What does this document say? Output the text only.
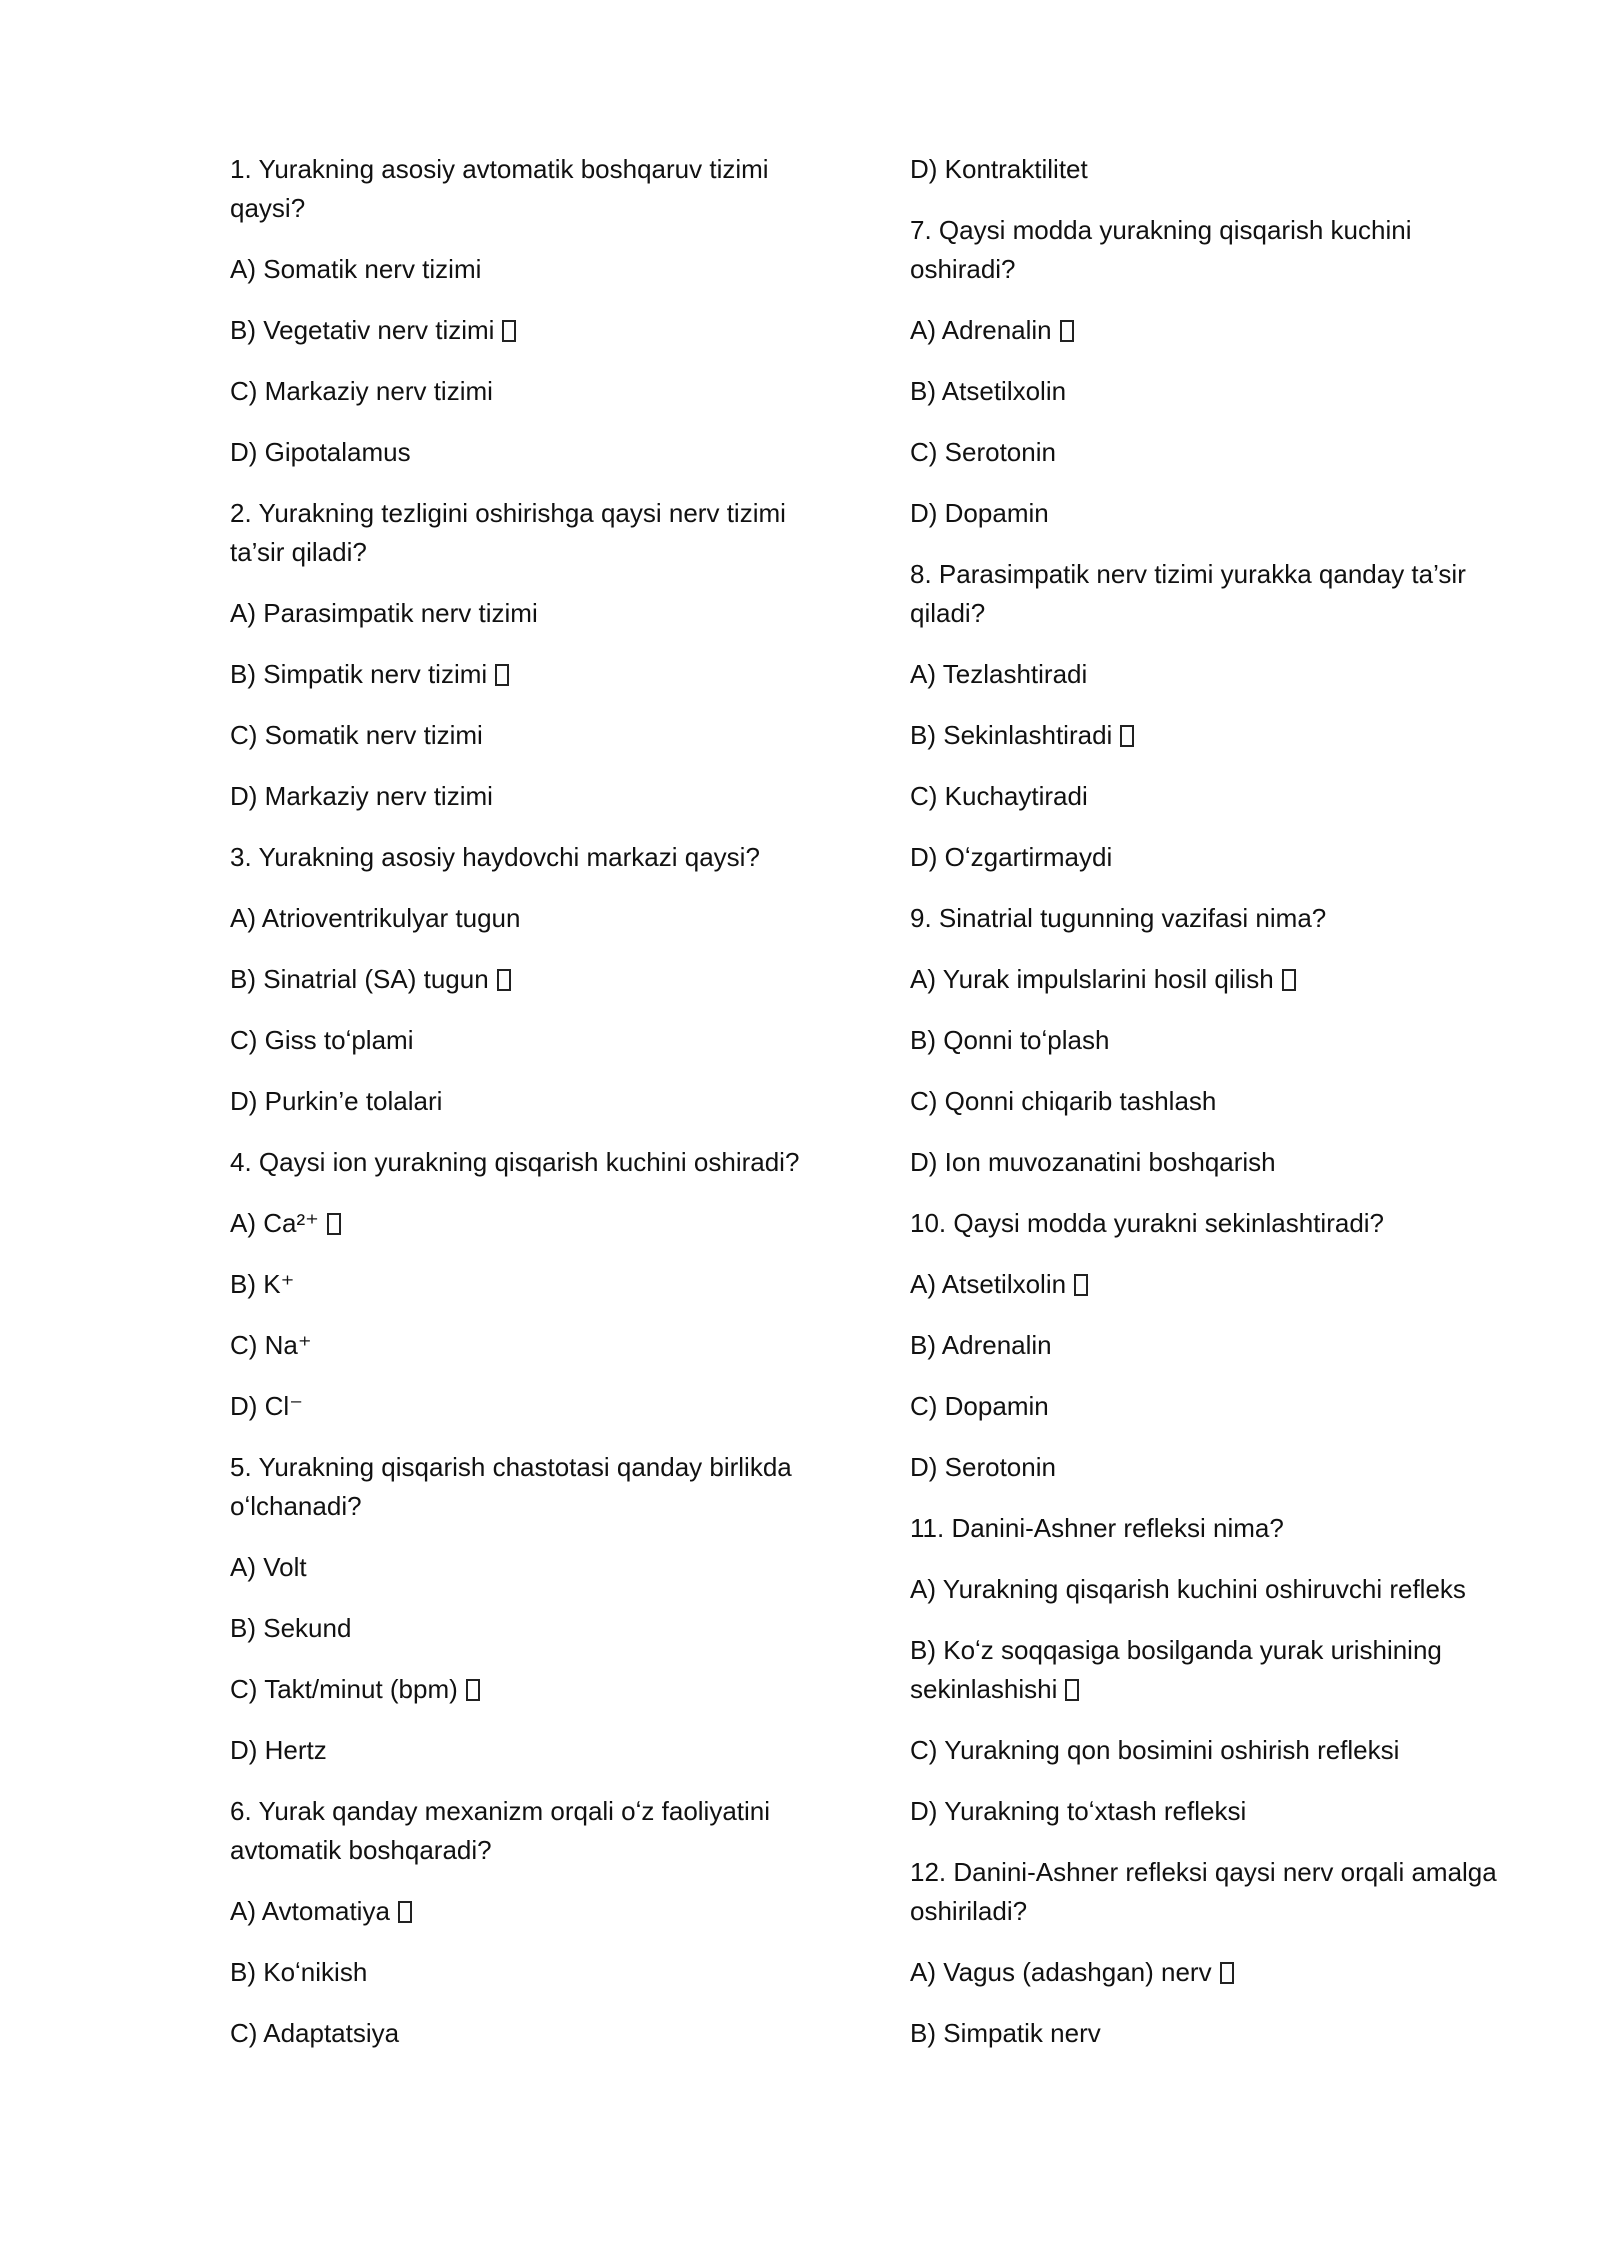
1. Yurakning asosiy avtomatik boshqaruv tizimi qaysi?
A) Somatik nerv tizimi
B) Vegetativ nerv tizimi
C) Markaziy nerv tizimi
D) Gipotalamus
2. Yurakning tezligini oshirishga qaysi nerv tizimi ta’sir qiladi?
A) Parasimpatik nerv tizimi
B) Simpatik nerv tizimi
C) Somatik nerv tizimi
D) Markaziy nerv tizimi
3. Yurakning asosiy haydovchi markazi qaysi?
A) Atrioventrikulyar tugun
B) Sinatrial (SA) tugun
C) Giss toʻplami
D) Purkin’e tolalari
4. Qaysi ion yurakning qisqarish kuchini oshiradi?
A) Ca²⁺
B) K⁺
C) Na⁺
D) Cl⁻
5. Yurakning qisqarish chastotasi qanday birlikda oʻlchanadi?
A) Volt
B) Sekund
C) Takt/minut (bpm)
D) Hertz
6. Yurak qanday mexanizm orqali oʻz faoliyatini avtomatik boshqaradi?
A) Avtomatiya
B) Koʻnikish
C) Adaptatsiya
D) Kontraktilitet
7. Qaysi modda yurakning qisqarish kuchini oshiradi?
A) Adrenalin
B) Atsetilxolin
C) Serotonin
D) Dopamin
8. Parasimpatik nerv tizimi yurakka qanday ta’sir qiladi?
A) Tezlashtiradi
B) Sekinlashtiradi
C) Kuchaytiradi
D) Oʻzgartirmaydi
9. Sinatrial tugunning vazifasi nima?
A) Yurak impulslarini hosil qilish
B) Qonni toʻplash
C) Qonni chiqarib tashlash
D) Ion muvozanatini boshqarish
10. Qaysi modda yurakni sekinlashtiradi?
A) Atsetilxolin
B) Adrenalin
C) Dopamin
D) Serotonin
11. Danini-Ashner refleksi nima?
A) Yurakning qisqarish kuchini oshiruvchi refleks
B) Koʻz soqqasiga bosilganda yurak urishining sekinlashishi
C) Yurakning qon bosimini oshirish refleksi
D) Yurakning toʻxtash refleksi
12. Danini-Ashner refleksi qaysi nerv orqali amalga oshiriladi?
A) Vagus (adashgan) nerv
B) Simpatik nerv
